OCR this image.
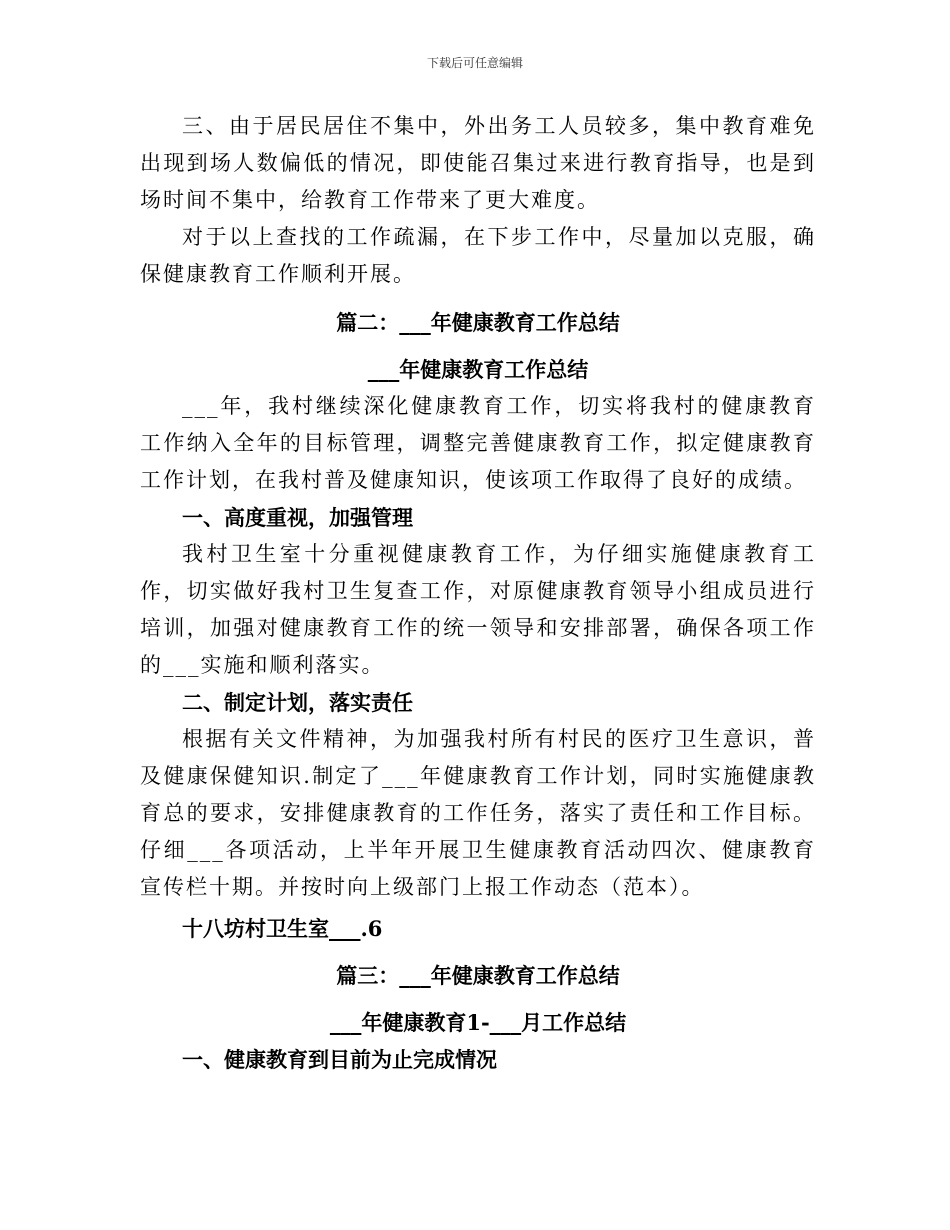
下载后可任意编辑

三、由于居民居住不集中，外出务工人员较多，集中教育难免出现到场人数偏低的情况，即使能召集过来进行教育指导，也是到场时间不集中，给教育工作带来了更大难度。

对于以上查找的工作疏漏，在下步工作中，尽量加以克服，确保健康教育工作顺利开展。

篇二：___年健康教育工作总结

___年健康教育工作总结

___年，我村继续深化健康教育工作，切实将我村的健康教育工作纳入全年的目标管理，调整完善健康教育工作，拟定健康教育工作计划，在我村普及健康知识，使该项工作取得了良好的成绩。

一、高度重视，加强管理

我村卫生室十分重视健康教育工作，为仔细实施健康教育工作，切实做好我村卫生复查工作，对原健康教育领导小组成员进行培训，加强对健康教育工作的统一领导和安排部署，确保各项工作的___实施和顺利落实。

二、制定计划，落实责任

根据有关文件精神，为加强我村所有村民的医疗卫生意识，普及健康保健知识.制定了___年健康教育工作计划，同时实施健康教育总的要求，安排健康教育的工作任务，落实了责任和工作目标。仔细___各项活动，上半年开展卫生健康教育活动四次、健康教育宣传栏十期。并按时向上级部门上报工作动态（范本）。

十八坊村卫生室___.6

篇三：___年健康教育工作总结

___年健康教育1-___月工作总结

一、健康教育到目前为止完成情况
